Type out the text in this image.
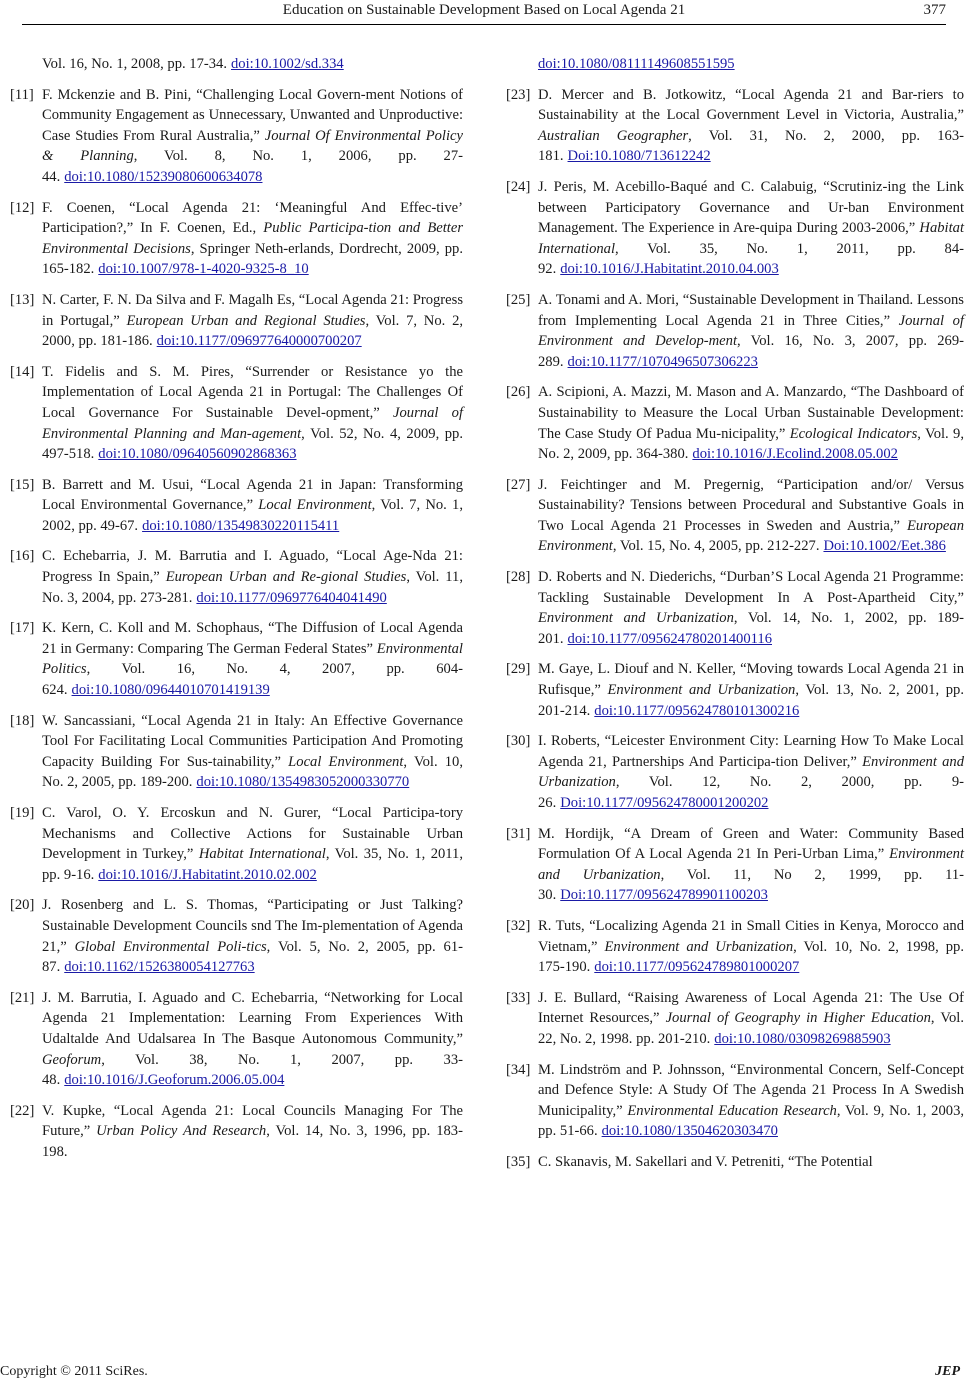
Education on Sustainable Development Based on Local Agenda 21	377
Vol. 16, No. 1, 2008, pp. 17-34. doi:10.1002/sd.334
[11] F. Mckenzie and B. Pini, “Challenging Local Govern-ment Notions of Community Engagement as Unnecessary, Unwanted and Unproductive: Case Studies From Rural Australia,” Journal Of Environmental Policy & Planning, Vol. 8, No. 1, 2006, pp. 27-44. doi:10.1080/15239080600634078
[12] F. Coenen, “Local Agenda 21: ‘Meaningful And Effec-tive’ Participation?,” In F. Coenen, Ed., Public Participa-tion and Better Environmental Decisions, Springer Neth-erlands, Dordrecht, 2009, pp. 165-182. doi:10.1007/978-1-4020-9325-8_10
[13] N. Carter, F. N. Da Silva and F. Magalh Es, “Local Agenda 21: Progress in Portugal,” European Urban and Regional Studies, Vol. 7, No. 2, 2000, pp. 181-186. doi:10.1177/096977640000700207
[14] T. Fidelis and S. M. Pires, “Surrender or Resistance yo the Implementation of Local Agenda 21 in Portugal: The Challenges Of Local Governance For Sustainable Devel-opment,” Journal of Environmental Planning and Man-agement, Vol. 52, No. 4, 2009, pp. 497-518. doi:10.1080/09640560902868363
[15] B. Barrett and M. Usui, “Local Agenda 21 in Japan: Transforming Local Environmental Governance,” Local Environment, Vol. 7, No. 1, 2002, pp. 49-67. doi:10.1080/13549830220115411
[16] C. Echebarria, J. M. Barrutia and I. Aguado, “Local Age-Nda 21: Progress In Spain,” European Urban and Re-gional Studies, Vol. 11, No. 3, 2004, pp. 273-281. doi:10.1177/0969776404041490
[17] K. Kern, C. Koll and M. Schophaus, “The Diffusion of Local Agenda 21 in Germany: Comparing The German Federal States” Environmental Politics, Vol. 16, No. 4, 2007, pp. 604-624. doi:10.1080/09644010701419139
[18] W. Sancassiani, “Local Agenda 21 in Italy: An Effective Governance Tool For Facilitating Local Communities Participation And Promoting Capacity Building For Sus-tainability,” Local Environment, Vol. 10, No. 2, 2005, pp. 189-200. doi:10.1080/1354983052000330770
[19] C. Varol, O. Y. Ercoskun and N. Gurer, “Local Participa-tory Mechanisms and Collective Actions for Sustainable Urban Development in Turkey,” Habitat International, Vol. 35, No. 1, 2011, pp. 9-16. doi:10.1016/J.Habitatint.2010.02.002
[20] J. Rosenberg and L. S. Thomas, “Participating or Just Talking? Sustainable Development Councils snd The Im-plementation of Agenda 21,” Global Environmental Poli-tics, Vol. 5, No. 2, 2005, pp. 61-87. doi:10.1162/1526380054127763
[21] J. M. Barrutia, I. Aguado and C. Echebarria, “Networking for Local Agenda 21 Implementation: Learning From Experiences With Udaltalde And Udalsarea In The Basque Autonomous Community,” Geoforum, Vol. 38, No. 1, 2007, pp. 33-48. doi:10.1016/J.Geoforum.2006.05.004
[22] V. Kupke, “Local Agenda 21: Local Councils Managing For The Future,” Urban Policy And Research, Vol. 14, No. 3, 1996, pp. 183-198.
doi:10.1080/08111149608551595
[23] D. Mercer and B. Jotkowitz, “Local Agenda 21 and Bar-riers to Sustainability at the Local Government Level in Victoria, Australia,” Australian Geographer, Vol. 31, No. 2, 2000, pp. 163-181. Doi:10.1080/713612242
[24] J. Peris, M. Acebillo-Baqué and C. Calabuig, “Scrutiniz-ing the Link between Participatory Governance and Ur-ban Environment Management. The Experience in Are-quipa During 2003-2006,” Habitat International, Vol. 35, No. 1, 2011, pp. 84-92. doi:10.1016/J.Habitatint.2010.04.003
[25] A. Tonami and A. Mori, “Sustainable Development in Thailand. Lessons from Implementing Local Agenda 21 in Three Cities,” Journal of Environment and Develop-ment, Vol. 16, No. 3, 2007, pp. 269-289. doi:10.1177/1070496507306223
[26] A. Scipioni, A. Mazzi, M. Mason and A. Manzardo, “The Dashboard of Sustainability to Measure the Local Urban Sustainable Development: The Case Study Of Padua Mu-nicipality,” Ecological Indicators, Vol. 9, No. 2, 2009, pp. 364-380. doi:10.1016/J.Ecolind.2008.05.002
[27] J. Feichtinger and M. Pregernig, “Participation and/or/ Versus Sustainability? Tensions between Procedural and Substantive Goals in Two Local Agenda 21 Processes in Sweden and Austria,” European Environment, Vol. 15, No. 4, 2005, pp. 212-227. Doi:10.1002/Eet.386
[28] D. Roberts and N. Diederichs, “Durban’S Local Agenda 21 Programme: Tackling Sustainable Development In A Post-Apartheid City,” Environment and Urbanization, Vol. 14, No. 1, 2002, pp. 189-201. doi:10.1177/095624780201400116
[29] M. Gaye, L. Diouf and N. Keller, “Moving towards Local Agenda 21 in Rufisque,” Environment and Urbanization, Vol. 13, No. 2, 2001, pp. 201-214. doi:10.1177/095624780101300216
[30] I. Roberts, “Leicester Environment City: Learning How To Make Local Agenda 21, Partnerships And Participa-tion Deliver,” Environment and Urbanization, Vol. 12, No. 2, 2000, pp. 9-26. Doi:10.1177/095624780001200202
[31] M. Hordijk, “A Dream of Green and Water: Community Based Formulation Of A Local Agenda 21 In Peri-Urban Lima,” Environment and Urbanization, Vol. 11, No 2, 1999, pp. 11-30. Doi:10.1177/095624789901100203
[32] R. Tuts, “Localizing Agenda 21 in Small Cities in Kenya, Morocco and Vietnam,” Environment and Urbanization, Vol. 10, No. 2, 1998, pp. 175-190. doi:10.1177/095624789801000207
[33] J. E. Bullard, “Raising Awareness of Local Agenda 21: The Use Of Internet Resources,” Journal of Geography in Higher Education, Vol. 22, No. 2, 1998. pp. 201-210. doi:10.1080/03098269885903
[34] M. Lindström and P. Johnsson, “Environmental Concern, Self-Concept and Defence Style: A Study Of The Agenda 21 Process In A Swedish Municipality,” Environmental Education Research, Vol. 9, No. 1, 2003, pp. 51-66. doi:10.1080/13504620303470
[35] C. Skanavis, M. Sakellari and V. Petreniti, “The Potential
Copyright © 2011 SciRes.	JEP
